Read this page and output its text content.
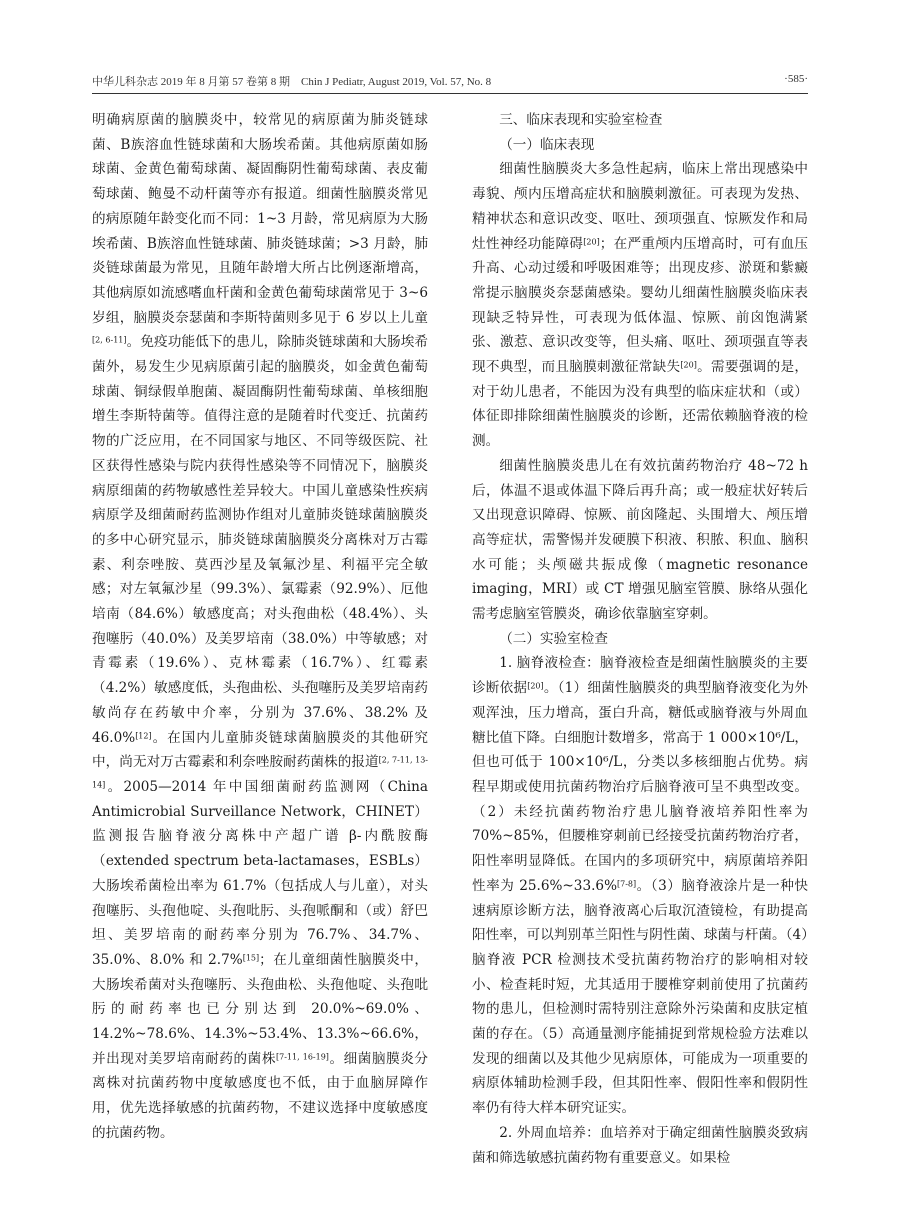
中华儿科杂志 2019 年 8 月第 57 卷第 8 期　Chin J Pediatr, August 2019, Vol. 57, No. 8	·585·

明确病原菌的脑膜炎中，较常见的病原菌为肺炎链球菌、B族溶血性链球菌和大肠埃希菌。其他病原菌如肠球菌、金黄色葡萄球菌、凝固酶阴性葡萄球菌、表皮葡萄球菌、鲍曼不动杆菌等亦有报道。细菌性脑膜炎常见的病原随年龄变化而不同：1~3 月龄，常见病原为大肠埃希菌、B族溶血性链球菌、肺炎链球菌；>3 月龄，肺炎链球菌最为常见，且随年龄增大所占比例逐渐增高，其他病原如流感嗜血杆菌和金黄色葡萄球菌常见于 3~6 岁组，脑膜炎奈瑟菌和李斯特菌则多见于 6 岁以上儿童[2, 6-11]。免疫功能低下的患儿，除肺炎链球菌和大肠埃希菌外，易发生少见病原菌引起的脑膜炎，如金黄色葡萄球菌、铜绿假单胞菌、凝固酶阴性葡萄球菌、单核细胞增生李斯特菌等。值得注意的是随着时代变迁、抗菌药物的广泛应用，在不同国家与地区、不同等级医院、社区获得性感染与院内获得性感染等不同情况下，脑膜炎病原细菌的药物敏感性差异较大。中国儿童感染性疾病病原学及细菌耐药监测协作组对儿童肺炎链球菌脑膜炎的多中心研究显示，肺炎链球菌脑膜炎分离株对万古霉素、利奈唑胺、莫西沙星及氧氟沙星、利福平完全敏感；对左氧氟沙星（99.3%）、氯霉素（92.9%）、厄他培南（84.6%）敏感度高；对头孢曲松（48.4%）、头孢噻肟（40.0%）及美罗培南（38.0%）中等敏感；对青霉素（19.6%）、克林霉素（16.7%）、红霉素（4.2%）敏感度低，头孢曲松、头孢噻肟及美罗培南药敏尚存在药敏中介率，分别为 37.6%、38.2% 及 46.0%[12]。在国内儿童肺炎链球菌脑膜炎的其他研究中，尚无对万古霉素和利奈唑胺耐药菌株的报道[2, 7-11, 13-14]。2005—2014 年中国细菌耐药监测网（China Antimicrobial Surveillance Network，CHINET）监测报告脑脊液分离株中产超广谱 β-内酰胺酶（extended spectrum beta-lactamases，ESBLs）大肠埃希菌检出率为 61.7%（包括成人与儿童），对头孢噻肟、头孢他啶、头孢吡肟、头孢哌酮和（或）舒巴坦、美罗培南的耐药率分别为 76.7%、34.7%、35.0%、8.0% 和 2.7%[15]；在儿童细菌性脑膜炎中，大肠埃希菌对头孢噻肟、头孢曲松、头孢他啶、头孢吡肟的耐药率也已分别达到 20.0%~69.0%、14.2%~78.6%、14.3%~53.4%、13.3%~66.6%，并出现对美罗培南耐药的菌株[7-11, 16-19]。细菌脑膜炎分离株对抗菌药物中度敏感度也不低，由于血脑屏障作用，优先选择敏感的抗菌药物，不建议选择中度敏感度的抗菌药物。

三、临床表现和实验室检查

（一）临床表现

细菌性脑膜炎大多急性起病，临床上常出现感染中毒貌、颅内压增高症状和脑膜刺激征。可表现为发热、精神状态和意识改变、呕吐、颈项强直、惊厥发作和局灶性神经功能障碍[20]；在严重颅内压增高时，可有血压升高、心动过缓和呼吸困难等；出现皮疹、淤斑和紫癜常提示脑膜炎奈瑟菌感染。婴幼儿细菌性脑膜炎临床表现缺乏特异性，可表现为低体温、惊厥、前囟饱满紧张、激惹、意识改变等，但头痛、呕吐、颈项强直等表现不典型，而且脑膜刺激征常缺失[20]。需要强调的是，对于幼儿患者，不能因为没有典型的临床症状和（或）体征即排除细菌性脑膜炎的诊断，还需依赖脑脊液的检测。

细菌性脑膜炎患儿在有效抗菌药物治疗 48~72 h 后，体温不退或体温下降后再升高；或一般症状好转后又出现意识障碍、惊厥、前囟隆起、头围增大、颅压增高等症状，需警惕并发硬膜下积液、积脓、积血、脑积水可能；头颅磁共振成像（magnetic resonance imaging，MRI）或 CT 增强见脑室管膜、脉络从强化需考虑脑室管膜炎，确诊依靠脑室穿刺。

（二）实验室检查

1. 脑脊液检查：脑脊液检查是细菌性脑膜炎的主要诊断依据[20]。（1）细菌性脑膜炎的典型脑脊液变化为外观浑浊，压力增高，蛋白升高，糖低或脑脊液与外周血糖比值下降。白细胞计数增多，常高于 1 000×10⁶/L，但也可低于 100×10⁶/L，分类以多核细胞占优势。病程早期或使用抗菌药物治疗后脑脊液可呈不典型改变。（2）未经抗菌药物治疗患儿脑脊液培养阳性率为 70%~85%，但腰椎穿刺前已经接受抗菌药物治疗者，阳性率明显降低。在国内的多项研究中，病原菌培养阳性率为 25.6%~33.6%[7-8]。（3）脑脊液涂片是一种快速病原诊断方法，脑脊液离心后取沉渣镜检，有助提高阳性率，可以判别革兰阳性与阴性菌、球菌与杆菌。（4）脑脊液 PCR 检测技术受抗菌药物治疗的影响相对较小、检查耗时短，尤其适用于腰椎穿刺前使用了抗菌药物的患儿，但检测时需特别注意除外污染菌和皮肤定植菌的存在。（5）高通量测序能捕捉到常规检验方法难以发现的细菌以及其他少见病原体，可能成为一项重要的病原体辅助检测手段，但其阳性率、假阳性率和假阴性率仍有待大样本研究证实。

2. 外周血培养：血培养对于确定细菌性脑膜炎致病菌和筛选敏感抗菌药物有重要意义。如果检
